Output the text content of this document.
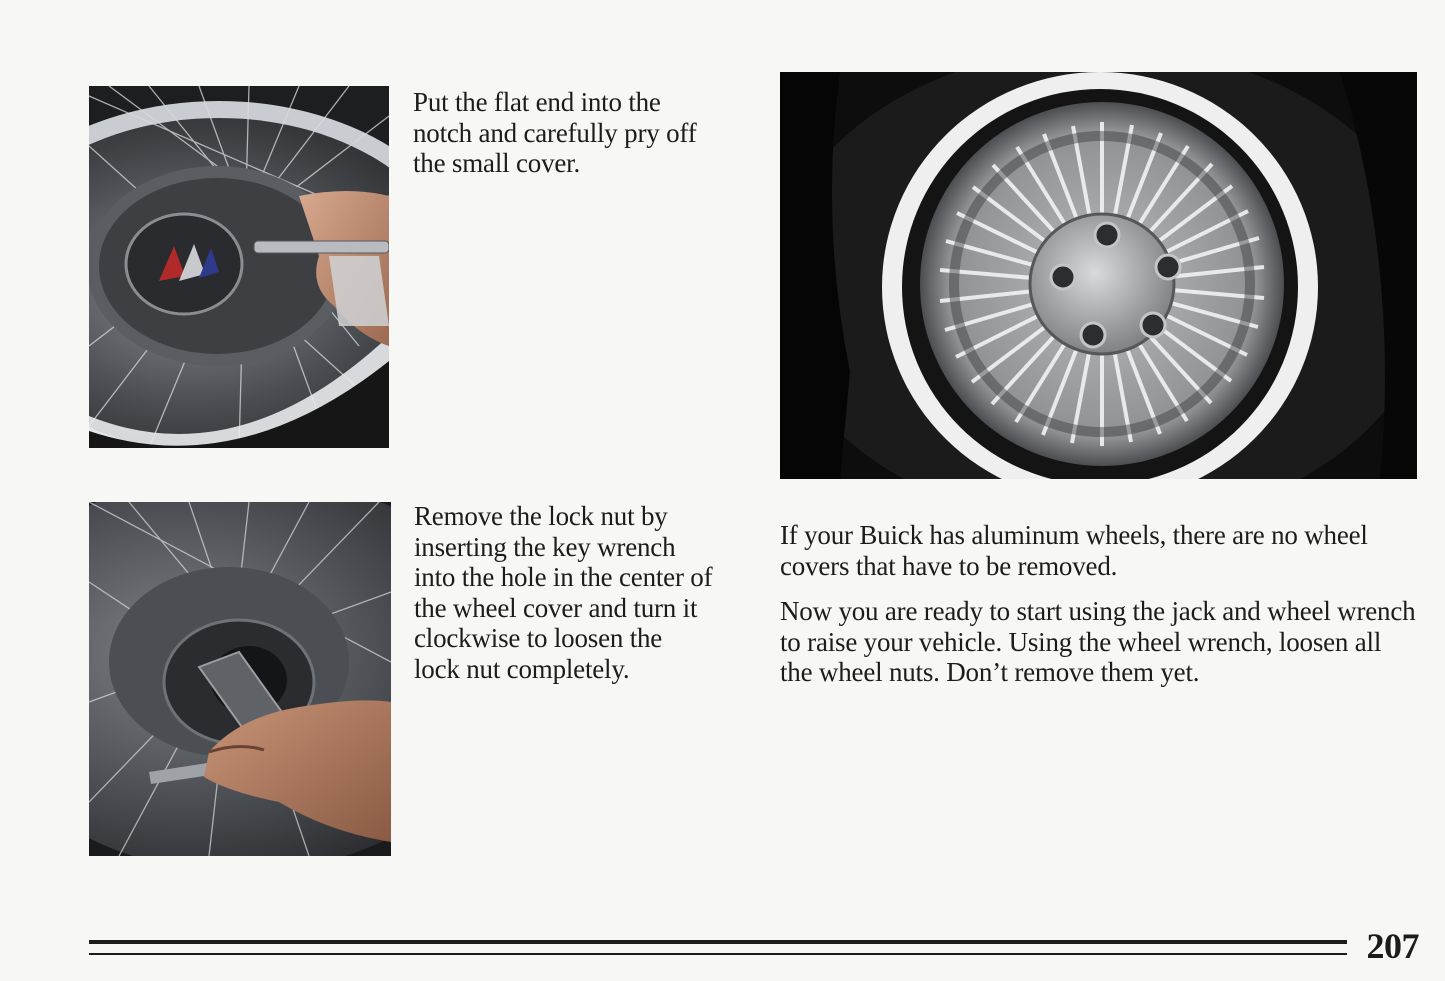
Put the flat end into the notch and carefully pry off the small cover.

Remove the lock nut by inserting the key wrench into the hole in the center of the wheel cover and turn it clockwise to loosen the lock nut completely.

If your Buick has aluminum wheels, there are no wheel covers that have to be removed.

Now you are ready to start using the jack and wheel wrench to raise your vehicle. Using the wheel wrench, loosen all the wheel nuts. Don’t remove them yet.

207
